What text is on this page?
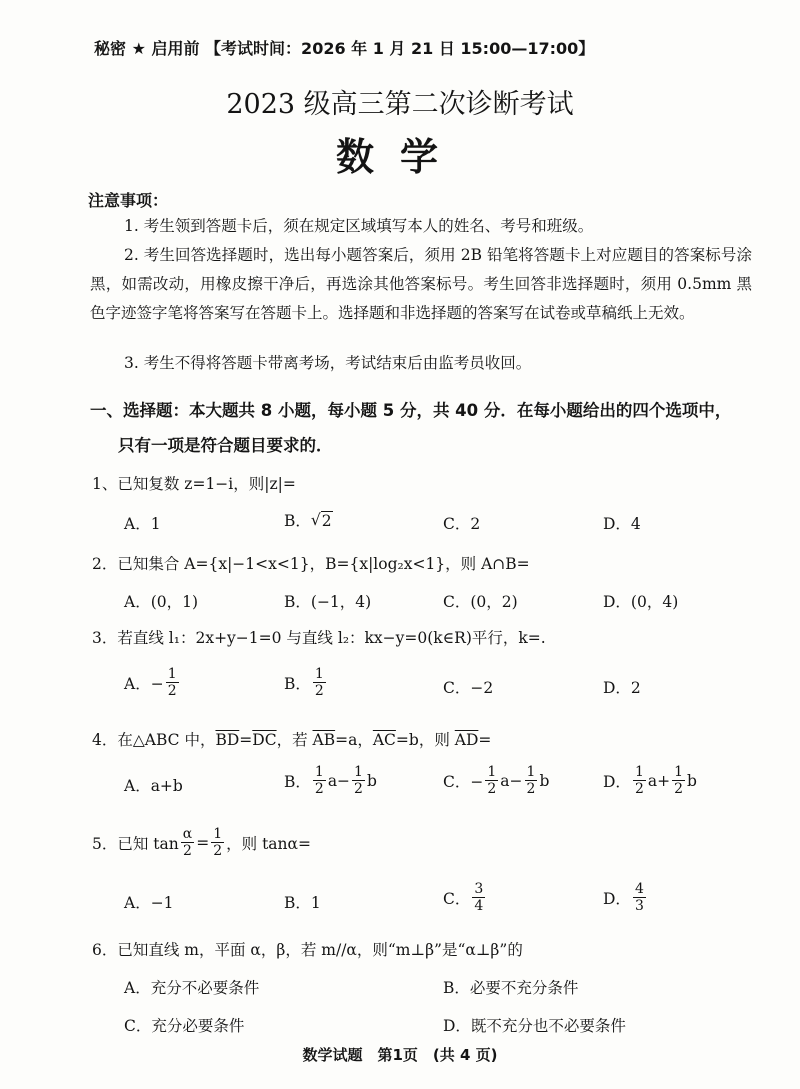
秘密 ★ 启用前 【考试时间：2026 年 1 月 21 日 15:00—17:00】
2023 级高三第二次诊断考试
数学
注意事项：
1. 考生领到答题卡后，须在规定区域填写本人的姓名、考号和班级。
2. 考生回答选择题时，选出每小题答案后，须用 2B 铅笔将答题卡上对应题目的答案标号涂黑，如需改动，用橡皮擦干净后，再选涂其他答案标号。考生回答非选择题时，须用 0.5mm 黑色字迹签字笔将答案写在答题卡上。选择题和非选择题的答案写在试卷或草稿纸上无效。
3. 考生不得将答题卡带离考场，考试结束后由监考员收回。
一、选择题：本大题共 8 小题，每小题 5 分，共 40 分．在每小题给出的四个选项中，
只有一项是符合题目要求的．
1、已知复数 z=1−i，则|z|=
A．1	B． √ 2	C．2	D．4
2．已知集合 A={x|−1<x<1}，B={x|log₂x<1}，则 A∩B=
A．(0，1)	B．(−1，4)	C．(0，2)	D．(0，4)
3．若直线 l₁：2x+y−1=0 与直线 l₂：kx−y=0(k∈R)平行，k=.
A．− $\frac{1}{2}$	B． $\frac{1}{2}$	C．−2	D．2
4．在△ABC 中，$\overline{BD}=\overline{DC}$，若 $\overline{AB}=a$，$\overline{AC}=b$，则 $\overline{AD}=$
A．a+b	B． $\frac{1}{2} a- \frac{1}{2}$ b	C．− $\frac{1}{2} a- \frac{1}{2}$ b	D． $\frac{1}{2} a+ \frac{1}{2}$ b
5．已知 $\tan \frac{\alpha}{2} = \frac{1}{2}$ ，则 tanα=
A．−1	B．1	C． $\frac{3}{4}$	D． $\frac{4}{3}$
6．已知直线 m，平面 α，β，若 m//α，则“m⊥β”是“α⊥β”的
A．充分不必要条件	B．必要不充分条件
C．充分必要条件	D．既不充分也不必要条件
数学试题　第1页　(共 4 页)
